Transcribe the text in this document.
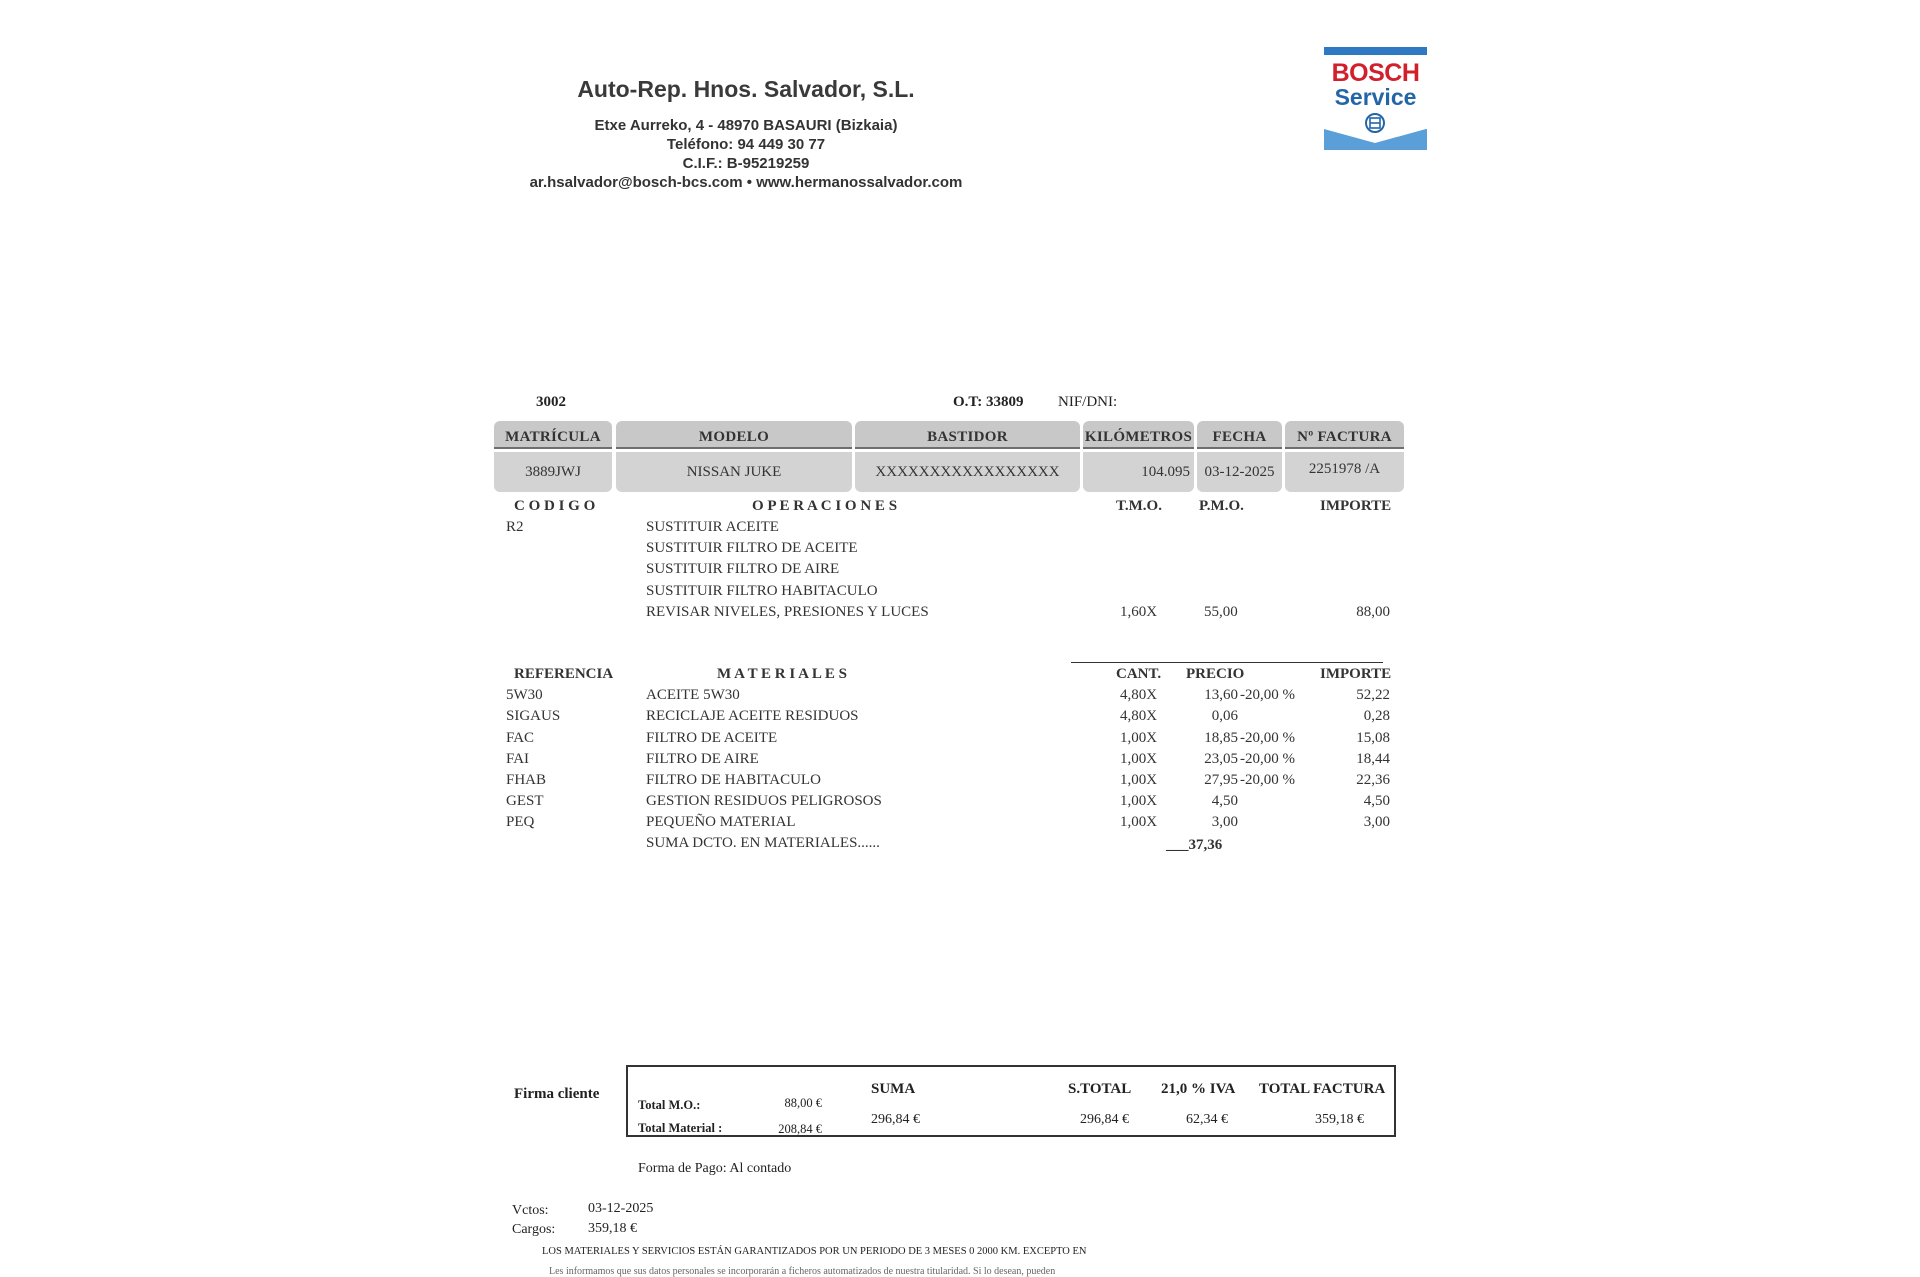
Auto-Rep. Hnos. Salvador, S.L.
Etxe Aurreko, 4 - 48970 BASAURI (Bizkaia)
Teléfono: 94 449 30 77
C.I.F.: B-95219259
ar.hsalvador@bosch-bcs.com • www.hermanossalvador.com
BOSCH
Service
3002	O.T: 33809 NIF/DNI:
MATRÍCULA	MODELO	BASTIDOR	KILÓMETROS	FECHA	Nº FACTURA
3889JWJ	NISSAN JUKE	XXXXXXXXXXXXXXXXX	104.095 03-12-2025	2251978 /A
C O D I G O	O P E R A C I O N E S	T.M.O. P.M.O.	IMPORTE
R2	SUSTITUIR ACEITE
SUSTITUIR FILTRO DE ACEITE
SUSTITUIR FILTRO DE AIRE
SUSTITUIR FILTRO HABITACULO
REVISAR NIVELES, PRESIONES Y LUCES	1,60X	55,00	88,00
REFERENCIA	M A T E R I A L E S	CANT. PRECIO	IMPORTE
5W30	ACEITE 5W30	4,80X	13,60 -20,00 %	52,22
SIGAUS	RECICLAJE ACEITE RESIDUOS	4,80X	0,06	0,28
FAC	FILTRO DE ACEITE	1,00X	18,85 -20,00 %	15,08
FAI	FILTRO DE AIRE	1,00X	23,05 -20,00 %	18,44
FHAB	FILTRO DE HABITACULO	1,00X	27,95 -20,00 %	22,36
GEST	GESTION RESIDUOS PELIGROSOS	1,00X	4,50	4,50
PEQ	PEQUEÑO MATERIAL	1,00X	3,00	3,00
SUMA DCTO. EN MATERIALES......	___37,36
Firma cliente
Total M.O.:	88,00 €
Total Material :	208,84 €
SUMA
296,84 €
S.TOTAL
296,84 €
21,0 % IVA
62,34 €
TOTAL FACTURA
359,18 €
Forma de Pago: Al contado
Vctos:	03-12-2025
Cargos: 359,18 €
LOS MATERIALES Y SERVICIOS ESTÁN GARANTIZADOS POR UN PERIODO DE 3 MESES 0 2000 KM. EXCEPTO EN
Les informamos que sus datos personales se incorporarán a ficheros automatizados de nuestra titularidad. Si lo desean, pueden
